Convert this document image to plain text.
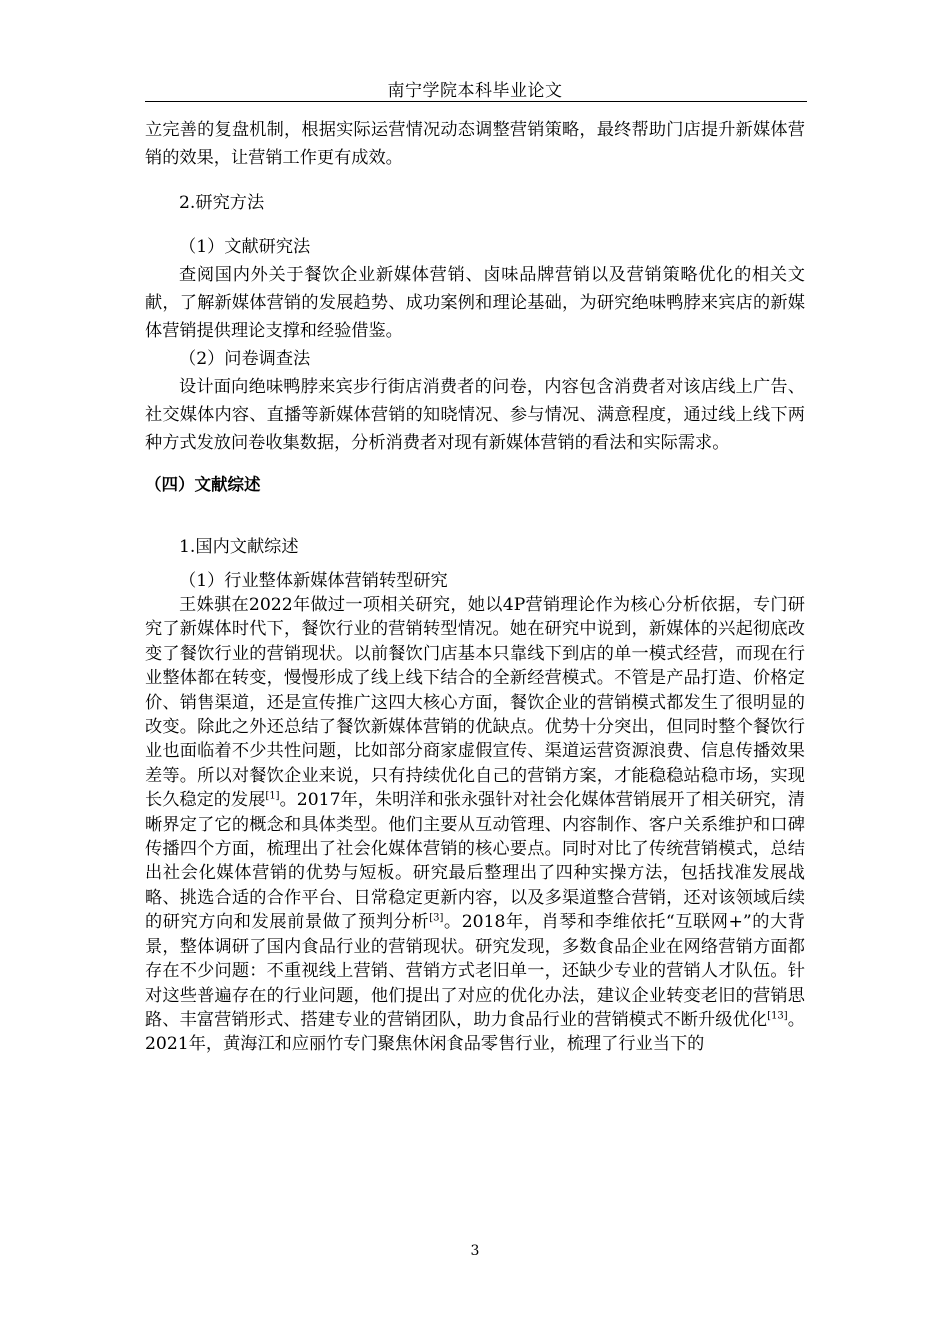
南宁学院本科毕业论文

立完善的复盘机制，根据实际运营情况动态调整营销策略，最终帮助门店提升新媒体营销的效果，让营销工作更有成效。

2.研究方法

（1）文献研究法

查阅国内外关于餐饮企业新媒体营销、卤味品牌营销以及营销策略优化的相关文献，了解新媒体营销的发展趋势、成功案例和理论基础，为研究绝味鸭脖来宾店的新媒体营销提供理论支撑和经验借鉴。

（2）问卷调查法

设计面向绝味鸭脖来宾步行街店消费者的问卷，内容包含消费者对该店线上广告、社交媒体内容、直播等新媒体营销的知晓情况、参与情况、满意程度，通过线上线下两种方式发放问卷收集数据，分析消费者对现有新媒体营销的看法和实际需求。

（四）文献综述

1.国内文献综述

（1）行业整体新媒体营销转型研究

王姝骐在2022年做过一项相关研究，她以4P营销理论作为核心分析依据，专门研究了新媒体时代下，餐饮行业的营销转型情况。她在研究中说到，新媒体的兴起彻底改变了餐饮行业的营销现状。以前餐饮门店基本只靠线下到店的单一模式经营，而现在行业整体都在转变，慢慢形成了线上线下结合的全新经营模式。不管是产品打造、价格定价、销售渠道，还是宣传推广这四大核心方面，餐饮企业的营销模式都发生了很明显的改变。除此之外还总结了餐饮新媒体营销的优缺点。优势十分突出，但同时整个餐饮行业也面临着不少共性问题，比如部分商家虚假宣传、渠道运营资源浪费、信息传播效果差等。所以对餐饮企业来说，只有持续优化自己的营销方案，才能稳稳站稳市场，实现长久稳定的发展[1]。2017年，朱明洋和张永强针对社会化媒体营销展开了相关研究，清晰界定了它的概念和具体类型。他们主要从互动管理、内容制作、客户关系维护和口碑传播四个方面，梳理出了社会化媒体营销的核心要点。同时对比了传统营销模式，总结出社会化媒体营销的优势与短板。研究最后整理出了四种实操方法，包括找准发展战略、挑选合适的合作平台、日常稳定更新内容，以及多渠道整合营销，还对该领域后续的研究方向和发展前景做了预判分析[3]。2018年，肖琴和李维依托“互联网+”的大背景，整体调研了国内食品行业的营销现状。研究发现，多数食品企业在网络营销方面都存在不少问题：不重视线上营销、营销方式老旧单一，还缺少专业的营销人才队伍。针对这些普遍存在的行业问题，他们提出了对应的优化办法，建议企业转变老旧的营销思路、丰富营销形式、搭建专业的营销团队，助力食品行业的营销模式不断升级优化[13]。2021年，黄海江和应丽竹专门聚焦休闲食品零售行业，梳理了行业当下的

3
